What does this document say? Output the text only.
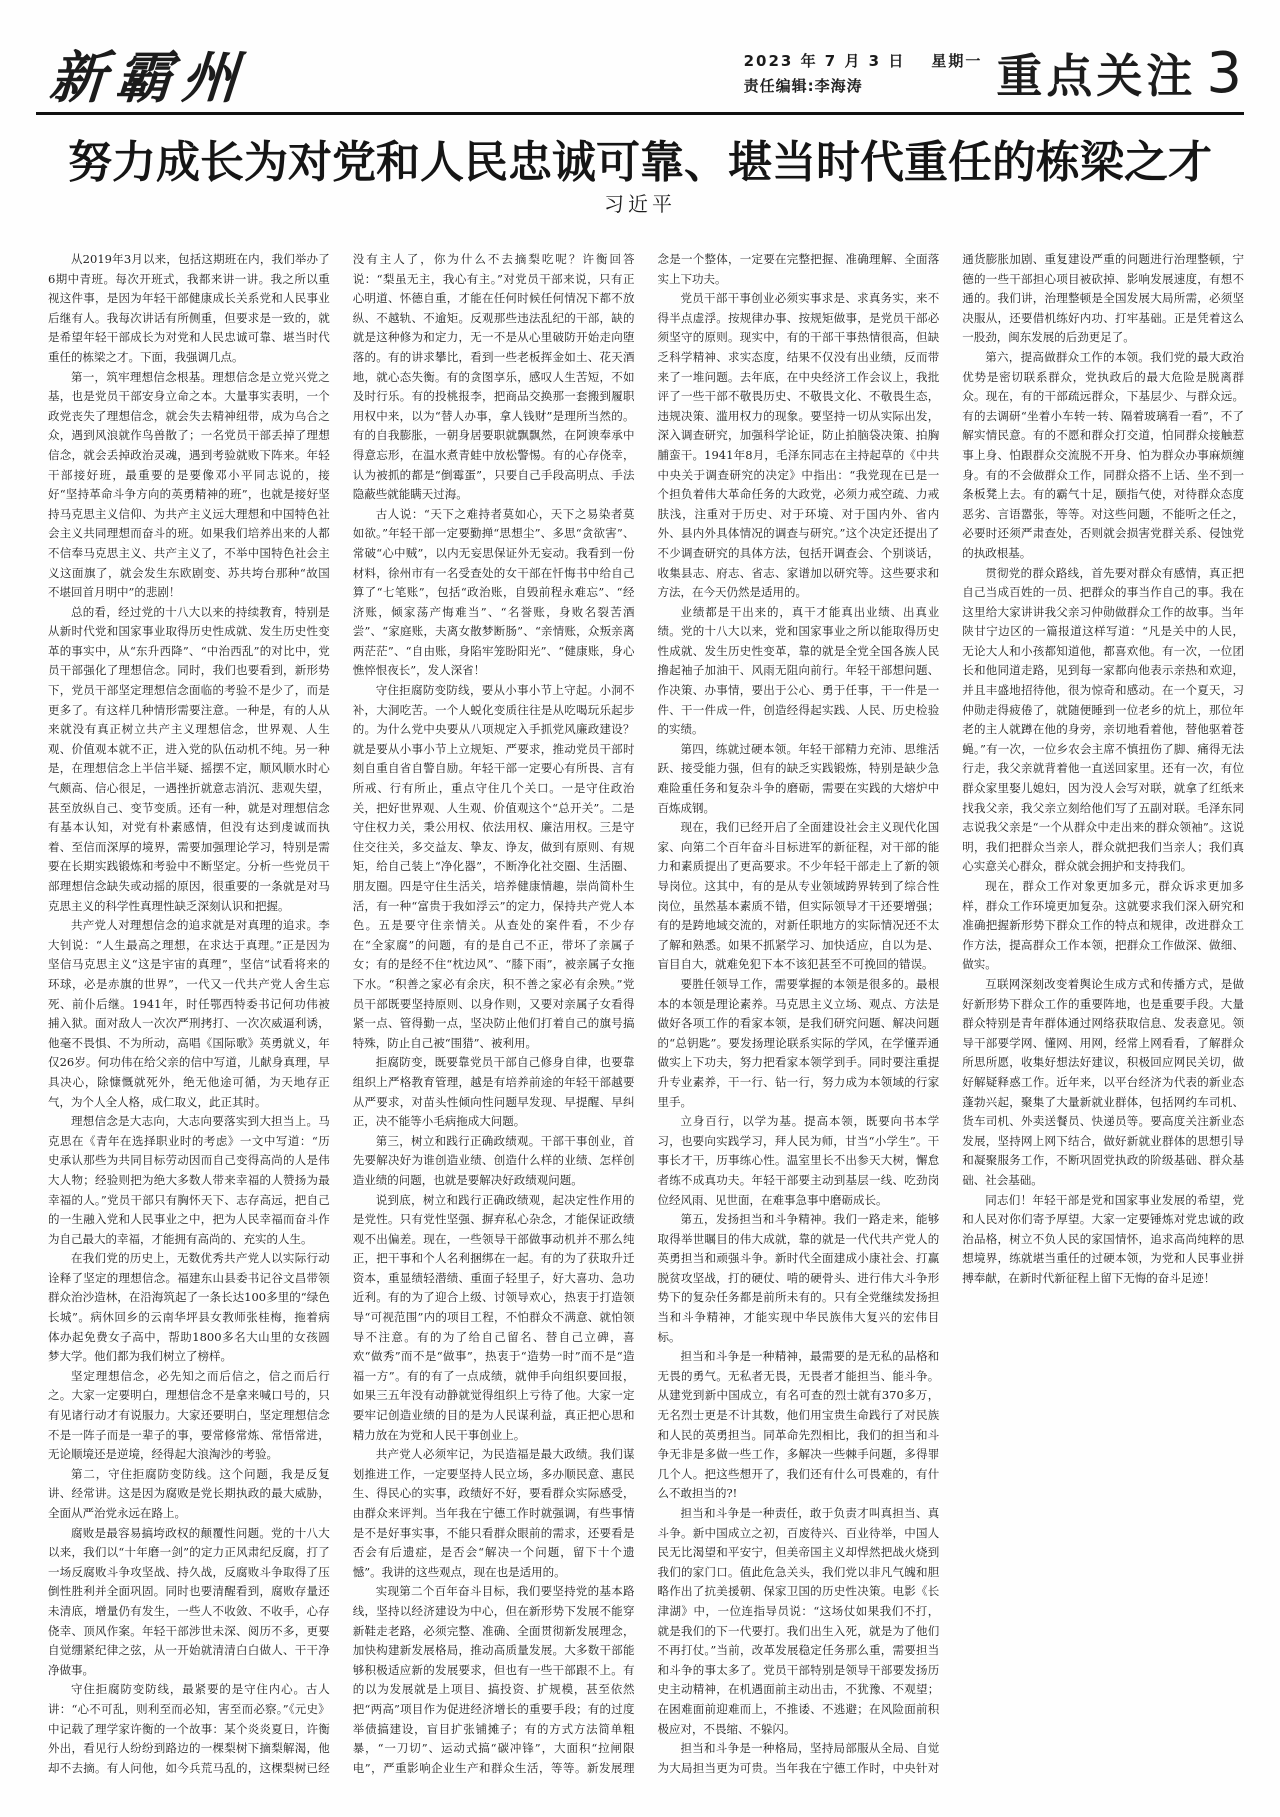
新霸州	2023 年 7 月 3 日 星期一
责任编辑:李海涛	重点关注 3
努力成长为对党和人民忠诚可靠、堪当时代重任的栋梁之才
习近平

从2019年3月以来，包括这期班在内，我们举办了6期中青班。每次开班式，我都来讲一讲。我之所以重视这件事，是因为年轻干部健康成长关系党和人民事业后继有人。我每次讲话有所侧重，但要求是一致的，就是希望年轻干部成长为对党和人民忠诚可靠、堪当时代重任的栋梁之才。下面，我强调几点。

第一，筑牢理想信念根基。理想信念是立党兴党之基，也是党员干部安身立命之本。大量事实表明，一个政党丧失了理想信念，就会失去精神纽带，成为乌合之众，遇到风浪就作鸟兽散了；一名党员干部丢掉了理想信念，就会丢掉政治灵魂，遇到考验就败下阵来。年轻干部接好班，最重要的是要像邓小平同志说的，接好“坚持革命斗争方向的英勇精神的班”，也就是接好坚持马克思主义信仰、为共产主义远大理想和中国特色社会主义共同理想而奋斗的班。如果我们培养出来的人都不信奉马克思主义、共产主义了，不举中国特色社会主义这面旗了，就会发生东欧剧变、苏共垮台那种“故国不堪回首月明中”的悲剧！

总的看，经过党的十八大以来的持续教育，特别是从新时代党和国家事业取得历史性成就、发生历史性变革的事实中，从“东升西降”、“中治西乱”的对比中，党员干部强化了理想信念。同时，我们也要看到，新形势下，党员干部坚定理想信念面临的考验不是少了，而是更多了。有这样几种情形需要注意。一种是，有的人从来就没有真正树立共产主义理想信念，世界观、人生观、价值观本就不正，进入党的队伍动机不纯。另一种是，在理想信念上半信半疑、摇摆不定，顺风顺水时心气颇高、信心很足，一遇挫折就意志消沉、悲观失望，甚至放纵自己、变节变质。还有一种，就是对理想信念有基本认知，对党有朴素感情，但没有达到虔诚而执着、至信而深厚的境界，需要加强理论学习，特别是需要在长期实践锻炼和考验中不断坚定。分析一些党员干部理想信念缺失或动摇的原因，很重要的一条就是对马克思主义的科学性真理性缺乏深刻认识和把握。

共产党人对理想信念的追求就是对真理的追求。李大钊说：“人生最高之理想，在求达于真理。”正是因为坚信马克思主义“这是宇宙的真理”，坚信“试看将来的环球，必是赤旗的世界”，一代又一代共产党人舍生忘死、前仆后继。1941年，时任鄂西特委书记何功伟被捕入狱。面对敌人一次次严刑拷打、一次次威逼利诱，他毫不畏惧、不为所动，高唱《国际歌》英勇就义，年仅26岁。何功伟在给父亲的信中写道，儿献身真理，早具决心，除慷慨就死外，绝无他途可循，为天地存正气，为个人全人格，成仁取义，此正其时。

理想信念是大志向，大志向要落实到大担当上。马克思在《青年在选择职业时的考虑》一文中写道：“历史承认那些为共同目标劳动因而自己变得高尚的人是伟大人物；经验则把为绝大多数人带来幸福的人赞扬为最幸福的人。”党员干部只有胸怀天下、志存高远，把自己的一生融入党和人民事业之中，把为人民幸福而奋斗作为自己最大的幸福，才能拥有高尚的、充实的人生。

在我们党的历史上，无数优秀共产党人以实际行动诠释了坚定的理想信念。福建东山县委书记谷文昌带领群众治沙造林，在沿海筑起了一条长达100多里的“绿色长城”。病休回乡的云南华坪县女教师张桂梅，拖着病体办起免费女子高中，帮助1800多名大山里的女孩圆梦大学。他们都为我们树立了榜样。

坚定理想信念，必先知之而后信之，信之而后行之。大家一定要明白，理想信念不是拿来喊口号的，只有见诸行动才有说服力。大家还要明白，坚定理想信念不是一阵子而是一辈子的事，要常修常炼、常悟常进，无论顺境还是逆境，经得起大浪淘沙的考验。

第二，守住拒腐防变防线。这个问题，我是反复讲、经常讲。这是因为腐败是党长期执政的最大威胁，全面从严治党永远在路上。

腐败是最容易搞垮政权的颠覆性问题。党的十八大以来，我们以“十年磨一剑”的定力正风肃纪反腐，打了一场反腐败斗争攻坚战、持久战，反腐败斗争取得了压倒性胜利并全面巩固。同时也要清醒看到，腐败存量还未清底，增量仍有发生，一些人不收敛、不收手，心存侥幸、顶风作案。年轻干部涉世未深、阅历不多，更要自觉绷紧纪律之弦，从一开始就清清白白做人、干干净净做事。

守住拒腐防变防线，最紧要的是守住内心。古人讲：“心不可乱，则利至而必知，害至而必察。”《元史》中记载了理学家许衡的一个故事：某个炎炎夏日，许衡外出，看见行人纷纷到路边的一棵梨树下摘梨解渴，他却不去摘。有人问他，如今兵荒马乱的，这棵梨树已经没有主人了，你为什么不去摘梨吃呢？许衡回答说：“梨虽无主，我心有主。”对党员干部来说，只有正心明道、怀德自重，才能在任何时候任何情况下都不放纵、不越轨、不逾矩。反观那些违法乱纪的干部，缺的就是这种修为和定力，无一不是从心里破防开始走向堕落的。有的讲求攀比，看到一些老板挥金如土、花天酒地，就心态失衡。有的贪图享乐，感叹人生苦短，不如及时行乐。有的投桃报李，把商品交换那一套搬到履职用权中来，以为“替人办事，拿人钱财”是理所当然的。有的自我膨胀，一朝身居要职就飘飘然，在阿谀奉承中得意忘形，在温水煮青蛙中放松警惕。有的心存侥幸，认为被抓的都是“倒霉蛋”，只要自己手段高明点、手法隐蔽些就能瞒天过海。

古人说：“天下之难持者莫如心，天下之易染者莫如欲。”年轻干部一定要勤掸“思想尘”、多思“贪欲害”、常破“心中贼”，以内无妄思保证外无妄动。我看到一份材料，徐州市有一名受查处的女干部在忏悔书中给自己算了“七笔账”，包括“政治账，自毁前程永难忘”、“经济账，倾家荡产悔难当”、“名誉账，身败名裂苦酒尝”、“家庭账，夫离女散梦断肠”、“亲情账，众叛亲离两茫茫”、“自由账，身陷牢笼盼阳光”、“健康账，身心憔悴恨夜长”，发人深省！

守住拒腐防变防线，要从小事小节上守起。小洞不补，大洞吃苦。一个人蜕化变质往往是从吃喝玩乐起步的。为什么党中央要从八项规定入手抓党风廉政建设？就是要从小事小节上立规矩、严要求，推动党员干部时刻自重自省自警自励。年轻干部一定要心有所畏、言有所戒、行有所止，重点守住几个关口。一是守住政治关，把好世界观、人生观、价值观这个“总开关”。二是守住权力关，秉公用权、依法用权、廉洁用权。三是守住交往关，多交益友、挚友、诤友，做到有原则、有规矩，给自己装上“净化器”，不断净化社交圈、生活圈、朋友圈。四是守住生活关，培养健康情趣，崇尚简朴生活，有一种“富贵于我如浮云”的定力，保持共产党人本色。五是要守住亲情关。从查处的案件看，不少存在“全家腐”的问题，有的是自己不正，带坏了亲属子女；有的是经不住“枕边风”、“膝下雨”，被亲属子女拖下水。“积善之家必有余庆，积不善之家必有余殃。”党员干部既要坚持原则、以身作则，又要对亲属子女看得紧一点、管得勤一点，坚决防止他们打着自己的旗号搞特殊，防止自己被“围猎”、被利用。

拒腐防变，既要靠党员干部自己修身自律，也要靠组织上严格教育管理，越是有培养前途的年轻干部越要从严要求，对苗头性倾向性问题早发现、早提醒、早纠正，决不能等小毛病拖成大问题。

第三，树立和践行正确政绩观。干部干事创业，首先要解决好为谁创造业绩、创造什么样的业绩、怎样创造业绩的问题，也就是要解决好政绩观问题。

说到底，树立和践行正确政绩观，起决定性作用的是党性。只有党性坚强、摒弃私心杂念，才能保证政绩观不出偏差。现在，一些领导干部做事动机并不那么纯正，把干事和个人名利捆绑在一起。有的为了获取升迁资本，重显绩轻潜绩、重面子轻里子，好大喜功、急功近利。有的为了迎合上级、讨领导欢心，热衷于打造领导“可视范围”内的项目工程，不怕群众不满意、就怕领导不注意。有的为了给自己留名、替自己立碑，喜欢“做秀”而不是“做事”，热衷于“造势一时”而不是“造福一方”。有的有了一点成绩，就伸手向组织要回报，如果三五年没有动静就觉得组织上亏待了他。大家一定要牢记创造业绩的目的是为人民谋利益，真正把心思和精力放在为党和人民干事创业上。

共产党人必须牢记，为民造福是最大政绩。我们谋划推进工作，一定要坚持人民立场，多办顺民意、惠民生、得民心的实事，政绩好不好，要看群众实际感受，由群众来评判。当年我在宁德工作时就强调，有些事情是不是好事实事，不能只看群众眼前的需求，还要看是否会有后遗症，是否会“解决一个问题，留下十个遗憾”。我讲的这些观点，现在也是适用的。

实现第二个百年奋斗目标，我们要坚持党的基本路线，坚持以经济建设为中心，但在新形势下发展不能穿新鞋走老路，必须完整、准确、全面贯彻新发展理念，加快构建新发展格局，推动高质量发展。大多数干部能够积极适应新的发展要求，但也有一些干部跟不上。有的以为发展就是上项目、搞投资、扩规模，甚至依然把“两高”项目作为促进经济增长的重要手段；有的过度举债搞建设，盲目扩张铺摊子；有的方式方法简单粗暴，“一刀切”、运动式搞“碳冲锋”，大面积“拉闸限电”，严重影响企业生产和群众生活，等等。新发展理念是一个整体，一定要在完整把握、准确理解、全面落实上下功夫。

党员干部干事创业必须实事求是、求真务实，来不得半点虚浮。按规律办事、按规矩做事，是党员干部必须坚守的原则。现实中，有的干部干事热情很高，但缺乏科学精神、求实态度，结果不仅没有出业绩，反而带来了一堆问题。去年底，在中央经济工作会议上，我批评了一些干部不敬畏历史、不敬畏文化、不敬畏生态，违规决策、滥用权力的现象。要坚持一切从实际出发，深入调查研究，加强科学论证，防止拍脑袋决策、拍胸脯蛮干。1941年8月，毛泽东同志在主持起草的《中共中央关于调查研究的决定》中指出：“我党现在已是一个担负着伟大革命任务的大政党，必须力戒空疏、力戒肤浅，注重对于历史、对于环境、对于国内外、省内外、县内外具体情况的调查与研究。”这个决定还提出了不少调查研究的具体方法，包括开调查会、个别谈话，收集县志、府志、省志、家谱加以研究等。这些要求和方法，在今天仍然是适用的。

业绩都是干出来的，真干才能真出业绩、出真业绩。党的十八大以来，党和国家事业之所以能取得历史性成就、发生历史性变革，靠的就是全党全国各族人民撸起袖子加油干、风雨无阻向前行。年轻干部想问题、作决策、办事情，要出于公心、勇于任事，干一件是一件、干一件成一件，创造经得起实践、人民、历史检验的实绩。

第四，练就过硬本领。年轻干部精力充沛、思维活跃、接受能力强，但有的缺乏实践锻炼，特别是缺少急难险重任务和复杂斗争的磨砺，需要在实践的大熔炉中百炼成钢。

现在，我们已经开启了全面建设社会主义现代化国家、向第二个百年奋斗目标进军的新征程，对干部的能力和素质提出了更高要求。不少年轻干部走上了新的领导岗位。这其中，有的是从专业领域跨界转到了综合性岗位，虽然基本素质不错，但实际领导才干还要增强；有的是跨地域交流的，对新任职地方的实际情况还不太了解和熟悉。如果不抓紧学习、加快适应，自以为是、盲目自大，就难免犯下本不该犯甚至不可挽回的错误。

要胜任领导工作，需要掌握的本领是很多的。最根本的本领是理论素养。马克思主义立场、观点、方法是做好各项工作的看家本领，是我们研究问题、解决问题的“总钥匙”。要发扬理论联系实际的学风，在学懂弄通做实上下功夫，努力把看家本领学到手。同时要注重提升专业素养，干一行、钻一行，努力成为本领域的行家里手。

立身百行，以学为基。提高本领，既要向书本学习，也要向实践学习，拜人民为师，甘当“小学生”。干事长才干，历事练心性。温室里长不出参天大树，懈怠者练不成真功夫。年轻干部要主动到基层一线、吃劲岗位经风雨、见世面，在难事急事中磨砺成长。

第五，发扬担当和斗争精神。我们一路走来，能够取得举世瞩目的伟大成就，靠的就是一代代共产党人的英勇担当和顽强斗争。新时代全面建成小康社会、打赢脱贫攻坚战，打的硬仗、啃的硬骨头、进行伟大斗争形势下的复杂任务都是前所未有的。只有全党继续发扬担当和斗争精神，才能实现中华民族伟大复兴的宏伟目标。

担当和斗争是一种精神，最需要的是无私的品格和无畏的勇气。无私者无畏，无畏者才能担当、能斗争。从建党到新中国成立，有名可查的烈士就有370多万，无名烈士更是不计其数，他们用宝贵生命践行了对民族和人民的英勇担当。同革命先烈相比，我们的担当和斗争无非是多做一些工作，多解决一些棘手问题，多得罪几个人。把这些想开了，我们还有什么可畏难的，有什么不敢担当的?!

担当和斗争是一种责任，敢于负责才叫真担当、真斗争。新中国成立之初，百废待兴、百业待举，中国人民无比渴望和平安宁，但美帝国主义却悍然把战火烧到我们的家门口。值此危急关头，我们党以非凡气魄和胆略作出了抗美援朝、保家卫国的历史性决策。电影《长津湖》中，一位连指导员说：“这场仗如果我们不打，就是我们的下一代要打。我们出生入死，就是为了他们不再打仗。”当前，改革发展稳定任务那么重，需要担当和斗争的事太多了。党员干部特别是领导干部要发扬历史主动精神，在机遇面前主动出击，不犹豫、不观望；在困难面前迎难而上，不推诿、不逃避；在风险面前积极应对，不畏缩、不躲闪。

担当和斗争是一种格局，坚持局部服从全局、自觉为大局担当更为可贵。当年我在宁德工作时，中央针对通货膨胀加剧、重复建设严重的问题进行治理整顿，宁德的一些干部担心项目被砍掉、影响发展速度，有想不通的。我们讲，治理整顿是全国发展大局所需，必须坚决服从，还要借机练好内功、打牢基础。正是凭着这么一股劲，闽东发展的后劲更足了。

第六，提高做群众工作的本领。我们党的最大政治优势是密切联系群众，党执政后的最大危险是脱离群众。现在，有的干部疏远群众，下基层少、与群众远。有的去调研“坐着小车转一转、隔着玻璃看一看”，不了解实情民意。有的不愿和群众打交道，怕同群众接触惹事上身、怕跟群众交流脱不开身、怕为群众办事麻烦缠身。有的不会做群众工作，同群众搭不上话、坐不到一条板凳上去。有的霸气十足，颐指气使，对待群众态度恶劣、言语嚣张，等等。对这些问题，不能听之任之，必要时还须严肃查处，否则就会损害党群关系、侵蚀党的执政根基。

贯彻党的群众路线，首先要对群众有感情，真正把自己当成百姓的一员、把群众的事当作自己的事。我在这里给大家讲讲我父亲习仲勋做群众工作的故事。当年陕甘宁边区的一篇报道这样写道：“凡是关中的人民，无论大人和小孩都知道他，都喜欢他。有一次，一位团长和他同道走路，见到每一家都向他表示亲热和欢迎，并且丰盛地招待他，很为惊奇和感动。在一个夏天，习仲勋走得疲倦了，就随便睡到一位老乡的炕上，那位年老的主人就蹲在他的身旁，亲切地看着他，替他驱着苍蝇。”有一次，一位乡农会主席不慎扭伤了脚、痛得无法行走，我父亲就背着他一直送回家里。还有一次，有位群众家里娶儿媳妇，因为没人会写对联，就拿了红纸来找我父亲，我父亲立刻给他们写了五副对联。毛泽东同志说我父亲是“一个从群众中走出来的群众领袖”。这说明，我们把群众当亲人，群众就把我们当亲人；我们真心实意关心群众，群众就会拥护和支持我们。

现在，群众工作对象更加多元，群众诉求更加多样，群众工作环境更加复杂。这就要求我们深入研究和准确把握新形势下群众工作的特点和规律，改进群众工作方法，提高群众工作本领，把群众工作做深、做细、做实。

互联网深刻改变着舆论生成方式和传播方式，是做好新形势下群众工作的重要阵地，也是重要手段。大量群众特别是青年群体通过网络获取信息、发表意见。领导干部要学网、懂网、用网，经常上网看看，了解群众所思所愿，收集好想法好建议，积极回应网民关切，做好解疑释惑工作。近年来，以平台经济为代表的新业态蓬勃兴起，聚集了大量新就业群体，包括网约车司机、货车司机、外卖送餐员、快递员等。要高度关注新业态发展，坚持网上网下结合，做好新就业群体的思想引导和凝聚服务工作，不断巩固党执政的阶级基础、群众基础、社会基础。

同志们！年轻干部是党和国家事业发展的希望，党和人民对你们寄予厚望。大家一定要锤炼对党忠诚的政治品格，树立不负人民的家国情怀，追求高尚纯粹的思想境界，练就堪当重任的过硬本领，为党和人民事业拼搏奉献，在新时代新征程上留下无悔的奋斗足迹！
